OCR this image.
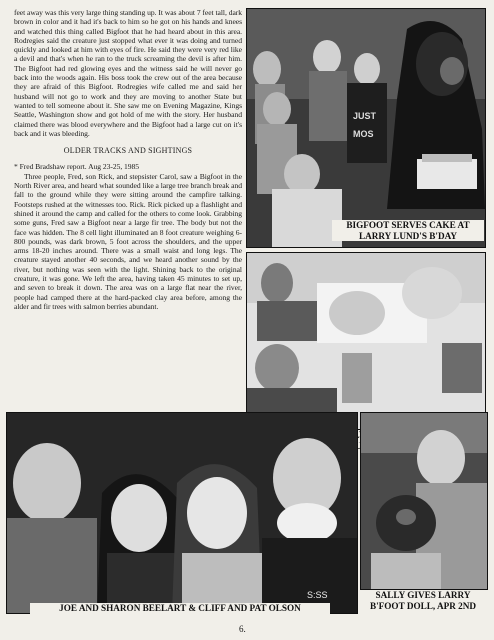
feet away was this very large thing standing up. It was about 7 feet tall, dark brown in color and it had it's back to him so he got on his hands and knees and watched this thing called Bigfoot that he had heard about in this area. Rodregies said the creature just stopped what ever it was doing and turned quickly and looked at him with eyes of fire. He said they were very red like a devil and that's when he ran to the truck screaming the devil is after him. The Bigfoot had red glowing eyes and the witness said he will never go back into the woods again. His boss took the crew out of the area because they are afraid of this Bigfoot. Rodregies wife called me and said her husband will not go to work and they are moving to another State but wanted to tell someone about it. She saw me on Evening Magazine, Kings Seattle, Washington show and got hold of me with the story. Her husband claimed there was blood everywhere and the Bigfoot had a large cut on it's back and it was bleeding.

OLDER TRACKS AND SIGHTINGS

* Fred Bradshaw report. Aug 23-25, 1985

Three people, Fred, son Rick, and stepsister Carol, saw a Bigfoot in the North River area, and heard what sounded like a large tree branch break and fall to the ground while they were sitting around the campfire talking. Footsteps rushed at the witnesses too. Rick. Rick picked up a flashlight and shined it around the camp and called for the others to come look. Grabbing some guns, Fred saw a Bigfoot near a large fir tree. The body but not the face was hidden. The 8 cell light illuminated an 8 foot creature weighing 6-800 pounds, was dark brown, 5 foot across the shoulders, and the upper arms 18-20 inches around. There was a small waist and long legs. The creature stayed another 40 seconds, and we heard another sound by the river, but nothing was seen with the light. Shining back to the original creature, it was gone. We left the area, having taken 45 minutes to set up, and seven to break it down. The area was on a large flat near the river, people had camped there at the hard-packed clay area before, among the alder and fir trees with salmon berries abundant.

JUST
MOS
BIGFOOT SERVES CAKE AT LARRY LUND'S B'DAY
S:SS
JOE AND SHARON BEELART & CLIFF AND PAT OLSON
SALLY GIVES LARRY B'FOOT DOLL, APR 2ND
6.
